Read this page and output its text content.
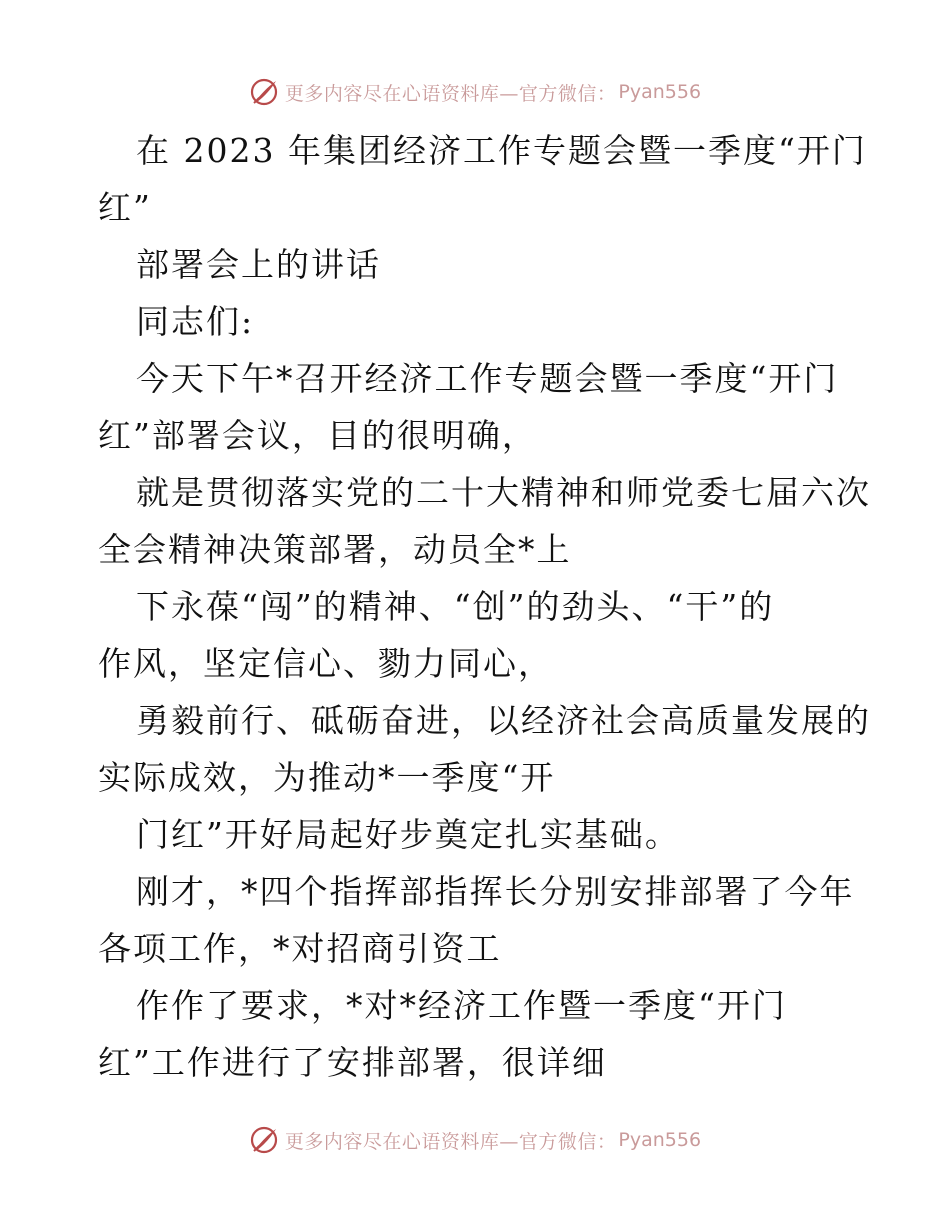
更多内容尽在心语资料库—官方微信： Pyan556
在 2023 年集团经济工作专题会暨一季度“开门
红”
部署会上的讲话
同志们:
今天下午*召开经济工作专题会暨一季度“开门
红”部署会议，目的很明确，
就是贯彻落实党的二十大精神和师党委七届六次
全会精神决策部署，动员全*上
下永葆“闯”的精神、“创”的劲头、“干”的
作风，坚定信心、勠力同心，
勇毅前行、砥砺奋进，以经济社会高质量发展的
实际成效，为推动*一季度“开
门红”开好局起好步奠定扎实基础。
刚才，*四个指挥部指挥长分别安排部署了今年
各项工作，*对招商引资工
作作了要求，*对*经济工作暨一季度“开门
红”工作进行了安排部署，很详细
更多内容尽在心语资料库—官方微信： Pyan556
